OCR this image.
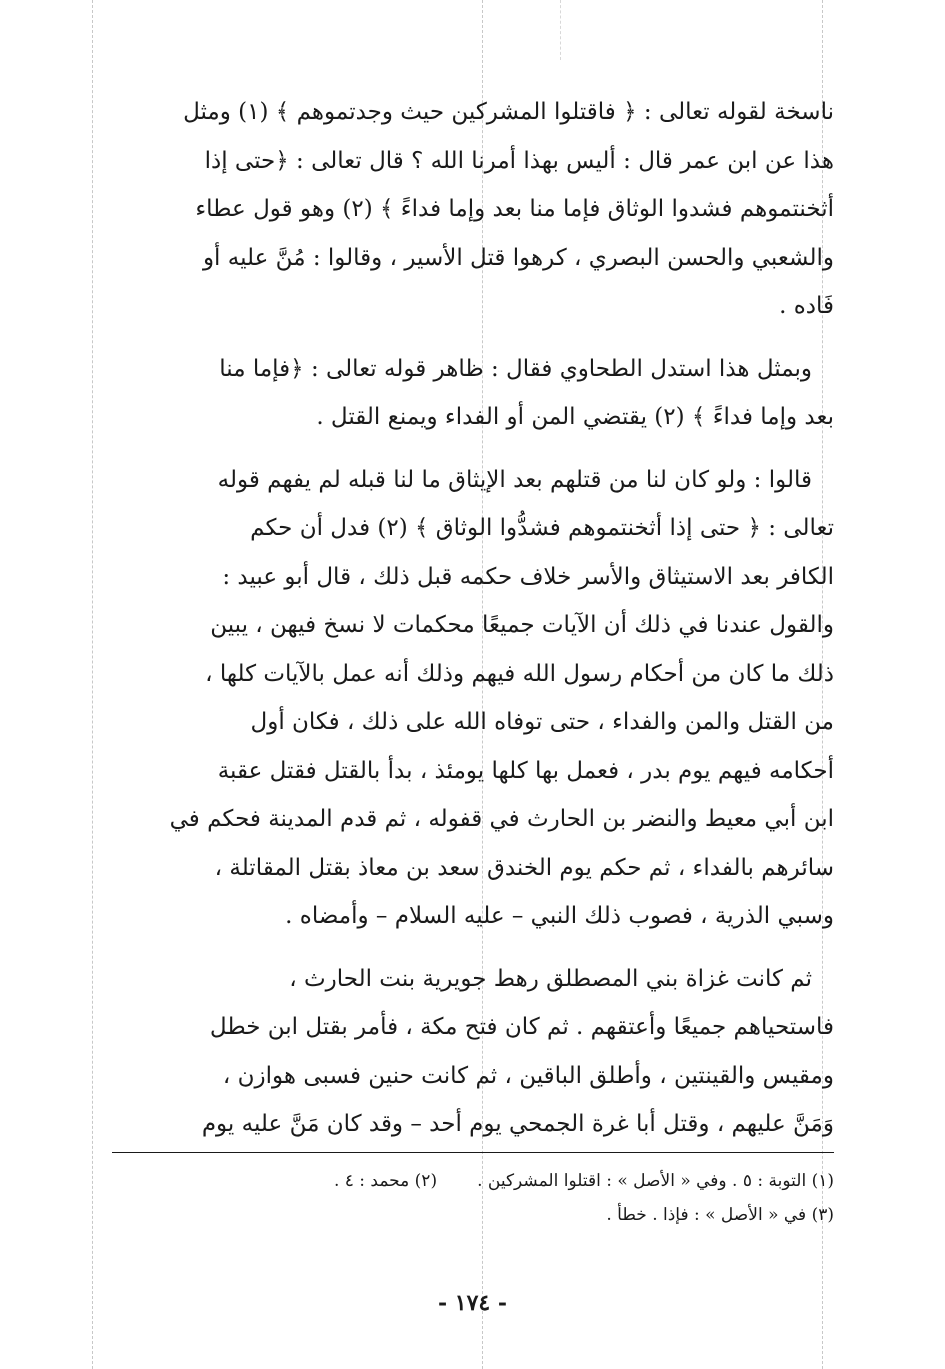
ناسخة لقوله تعالى : ﴿ فاقتلوا المشركين حيث وجدتموهم ﴾ (١) ومثل

هذا عن ابن عمر قال : أليس بهذا أمرنا الله ؟ قال تعالى : ﴿حتى إذا

أثخنتموهم فشدوا الوثاق فإما منا بعد وإما فداءً ﴾ (٢) وهو قول عطاء

والشعبي والحسن البصري ، كرهوا قتل الأسير ، وقالوا : مُنَّ عليه أو

فَاده .

وبمثل هذا استدل الطحاوي فقال : ظاهر قوله تعالى : ﴿فإما منا

بعد وإما فداءً ﴾ (٢) يقتضي المن أو الفداء ويمنع القتل .

قالوا : ولو كان لنا من قتلهم بعد الإيثاق ما لنا قبله لم يفهم قوله

تعالى : ﴿ حتى إذا أثخنتموهم فشدُّوا الوثاق ﴾ (٢) فدل أن حكم

الكافر بعد الاستيثاق والأسر خلاف حكمه قبل ذلك ، قال أبو عبيد :

والقول عندنا في ذلك أن الآيات جميعًا محكمات لا نسخ فيهن ، يبين

ذلك ما كان من أحكام رسول الله فيهم وذلك أنه عمل بالآيات كلها ،

من القتل والمن والفداء ، حتى توفاه الله على ذلك ، فكان أول

أحكامه فيهم يوم بدر ، فعمل بها كلها يومئذ ، بدأ بالقتل فقتل عقبة

ابن أبي معيط والنضر بن الحارث في قفوله ، ثم قدم المدينة فحكم في

سائرهم بالفداء ، ثم حكم يوم الخندق سعد بن معاذ بقتل المقاتلة ،

وسبي الذرية ، فصوب ذلك النبي – عليه السلام – وأمضاه .

ثم كانت غزاة بني المصطلق رهط جويرية بنت الحارث ،

فاستحياهم جميعًا وأعتقهم . ثم كان فتح مكة ، فأمر بقتل ابن خطل

ومقيس والقينتين ، وأطلق الباقين ، ثم كانت حنين فسبى هوازن ،

وَمَنَّ عليهم ، وقتل أبا غرة الجمحي يوم أحد – وقد كان مَنَّ عليه يوم

(١) التوبة : ٥ . وفي « الأصل » : اقتلوا المشركين .
(٢) محمد : ٤ .
(٣) في « الأصل » : فإذا . خطأ .
- ١٧٤ -
